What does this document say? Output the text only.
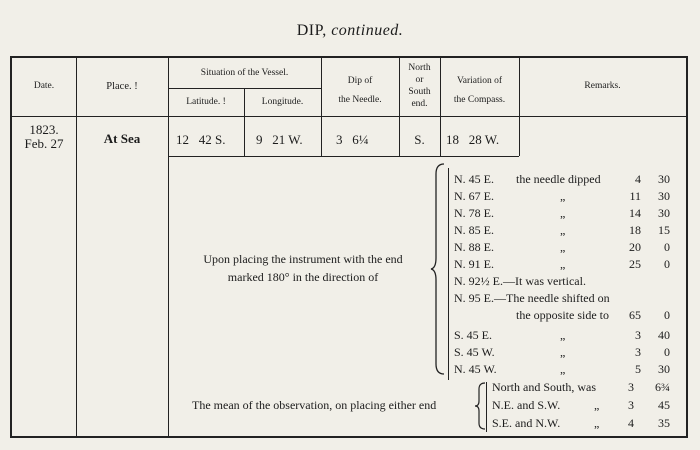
DIP, continued.
Date.	Place. !
Situation of the Vessel.
Latitude. !	Longitude.
Dip of
the Needle.
North
or
South
end.
Variation of
the Compass.
Remarks.
1823.
Feb. 27	At Sea	12 42 S. 9 21 W.	3 6¼	S.	18   28 W.
Upon placing the instrument with the end
marked 180° in the direction of
N. 45 E. the needle dipped	4	30
N. 67 E.	„	11	30
N. 78 E.	„	14	30
N. 85 E.	„	18	15
N. 88 E.	„	20	0
N. 91 E.	„	25	0
N. 92½ E.—It was vertical.
N. 95 E.—The needle shifted on
the opposite side to	65	0
S. 45 E.	„	3	40
S. 45 W.	„	3	0
N. 45 W.	„	5	30
The mean of the observation, on placing either end
North and South, was	3	6¾
N.E. and S.W.	„	3	45
S.E. and N.W.	„	4	35
